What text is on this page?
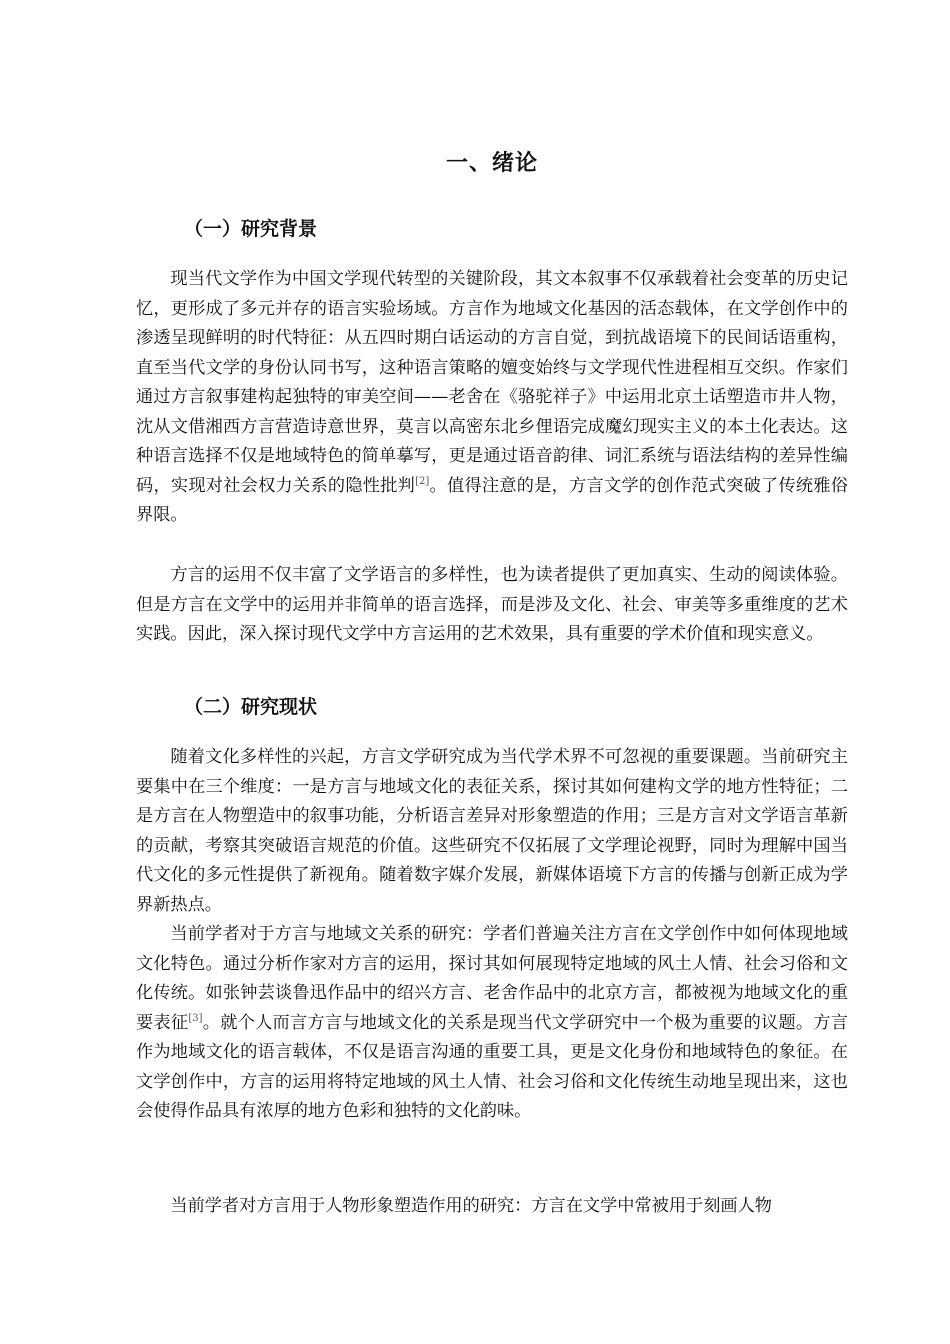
一、绪论
（一）研究背景

现当代文学作为中国文学现代转型的关键阶段，其文本叙事不仅承载着社会变革的历史记忆，更形成了多元并存的语言实验场域。方言作为地域文化基因的活态载体，在文学创作中的渗透呈现鲜明的时代特征：从五四时期白话运动的方言自觉，到抗战语境下的民间话语重构，直至当代文学的身份认同书写，这种语言策略的嬗变始终与文学现代性进程相互交织。作家们通过方言叙事建构起独特的审美空间——老舍在《骆驼祥子》中运用北京土话塑造市井人物，沈从文借湘西方言营造诗意世界，莫言以高密东北乡俚语完成魔幻现实主义的本土化表达。这种语言选择不仅是地域特色的简单摹写，更是通过语音韵律、词汇系统与语法结构的差异性编码，实现对社会权力关系的隐性批判[2]。值得注意的是，方言文学的创作范式突破了传统雅俗界限。

方言的运用不仅丰富了文学语言的多样性，也为读者提供了更加真实、生动的阅读体验。但是方言在文学中的运用并非简单的语言选择，而是涉及文化、社会、审美等多重维度的艺术实践。因此，深入探讨现代文学中方言运用的艺术效果，具有重要的学术价值和现实意义。

（二）研究现状

随着文化多样性的兴起，方言文学研究成为当代学术界不可忽视的重要课题。当前研究主要集中在三个维度：一是方言与地域文化的表征关系，探讨其如何建构文学的地方性特征；二是方言在人物塑造中的叙事功能，分析语言差异对形象塑造的作用；三是方言对文学语言革新的贡献，考察其突破语言规范的价值。这些研究不仅拓展了文学理论视野，同时为理解中国当代文化的多元性提供了新视角。随着数字媒介发展，新媒体语境下方言的传播与创新正成为学界新热点。

当前学者对于方言与地域文关系的研究：学者们普遍关注方言在文学创作中如何体现地域文化特色。通过分析作家对方言的运用，探讨其如何展现特定地域的风土人情、社会习俗和文化传统。如张钟芸谈鲁迅作品中的绍兴方言、老舍作品中的北京方言，都被视为地域文化的重要表征[3]。就个人而言方言与地域文化的关系是现当代文学研究中一个极为重要的议题。方言作为地域文化的语言载体，不仅是语言沟通的重要工具，更是文化身份和地域特色的象征。在文学创作中，方言的运用将特定地域的风土人情、社会习俗和文化传统生动地呈现出来，这也会使得作品具有浓厚的地方色彩和独特的文化韵味。

当前学者对方言用于人物形象塑造作用的研究：方言在文学中常被用于刻画人物
